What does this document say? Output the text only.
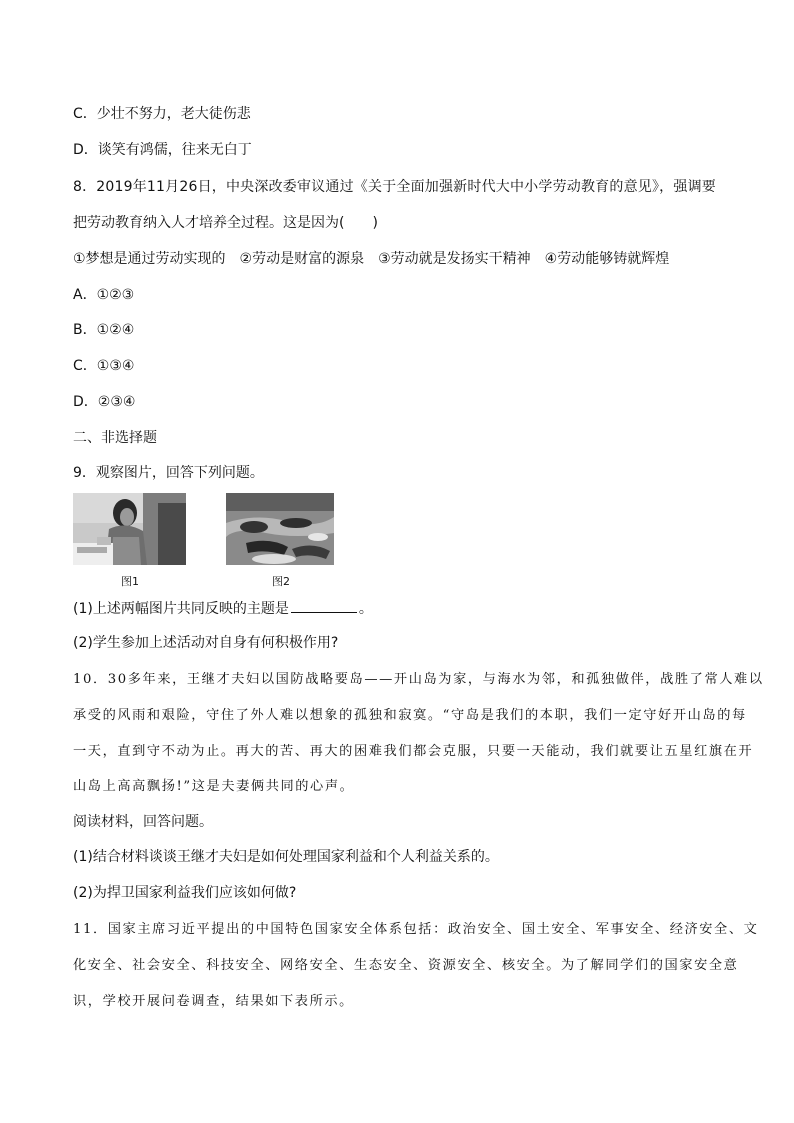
C．少壮不努力，老大徒伤悲
D．谈笑有鸿儒，往来无白丁
8．2019年11月26日，中央深改委审议通过《关于全面加强新时代大中小学劳动教育的意见》，强调要
把劳动教育纳入人才培养全过程。这是因为(　　)
①梦想是通过劳动实现的　②劳动是财富的源泉　③劳动就是发扬实干精神　④劳动能够铸就辉煌
A．①②③
B．①②④
C．①③④
D．②③④
二、非选择题
9．观察图片，回答下列问题。
图1	图2
(1)上述两幅图片共同反映的主题是	。
(2)学生参加上述活动对自身有何积极作用?
10．30多年来，王继才夫妇以国防战略要岛——开山岛为家，与海水为邻，和孤独做伴，战胜了常人难以
承受的风雨和艰险，守住了外人难以想象的孤独和寂寞。“守岛是我们的本职，我们一定守好开山岛的每
一天，直到守不动为止。再大的苦、再大的困难我们都会克服，只要一天能动，我们就要让五星红旗在开
山岛上高高飘扬!”这是夫妻俩共同的心声。
阅读材料，回答问题。
(1)结合材料谈谈王继才夫妇是如何处理国家利益和个人利益关系的。
(2)为捍卫国家利益我们应该如何做?
11．国家主席习近平提出的中国特色国家安全体系包括：政治安全、国土安全、军事安全、经济安全、文
化安全、社会安全、科技安全、网络安全、生态安全、资源安全、核安全。为了解同学们的国家安全意
识，学校开展问卷调查，结果如下表所示。
